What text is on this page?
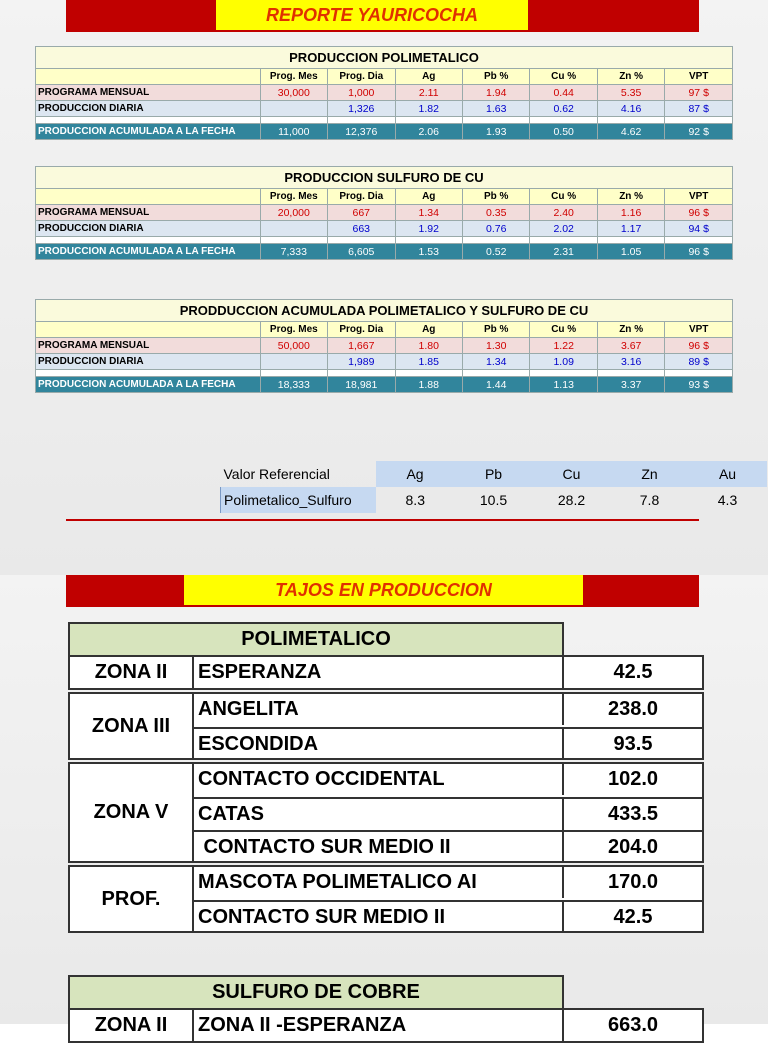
REPORTE YAURICOCHA
PRODUCCION POLIMETALICO							
	Prog. Mes	Prog. Dia	Ag	Pb %	Cu %	Zn %	VPT
PROGRAMA MENSUAL	30,000	1,000	2.11	1.94	0.44	5.35	97 $
PRODUCCION DIARIA		1,326	1.82	1.63	0.62	4.16	87 $

PRODUCCION ACUMULADA A LA FECHA	11,000	12,376	2.06	1.93	0.50	4.62	92 $
PRODUCCION SULFURO DE CU							
	Prog. Mes	Prog. Dia	Ag	Pb %	Cu %	Zn %	VPT
PROGRAMA MENSUAL	20,000	667	1.34	0.35	2.40	1.16	96 $
PRODUCCION DIARIA		663	1.92	0.76	2.02	1.17	94 $

PRODUCCION ACUMULADA A LA FECHA	7,333	6,605	1.53	0.52	2.31	1.05	96 $
PRODDUCCION ACUMULADA POLIMETALICO Y SULFURO DE CU							
	Prog. Mes	Prog. Dia	Ag	Pb %	Cu %	Zn %	VPT
PROGRAMA MENSUAL	50,000	1,667	1.80	1.30	1.22	3.67	96 $
PRODUCCION DIARIA		1,989	1.85	1.34	1.09	3.16	89 $

PRODUCCION ACUMULADA A LA FECHA	18,333	18,981	1.88	1.44	1.13	3.37	93 $
Valor Referencial	Ag	Pb	Cu	Zn	Au
Polimetalico_Sulfuro	8.3	10.5	28.2	7.8	4.3
TAJOS EN PRODUCCION
POLIMETALICO
ZONA II	ESPERANZA	42.5
ZONA III
ANGELITA	238.0
ESCONDIDA	93.5
ZONA V
CONTACTO OCCIDENTAL	102.0
CATAS	433.5
CONTACTO SUR MEDIO II	204.0
PROF.
MASCOTA POLIMETALICO AI	170.0
CONTACTO SUR MEDIO II	42.5
SULFURO DE COBRE
ZONA II	ZONA II -ESPERANZA	663.0
